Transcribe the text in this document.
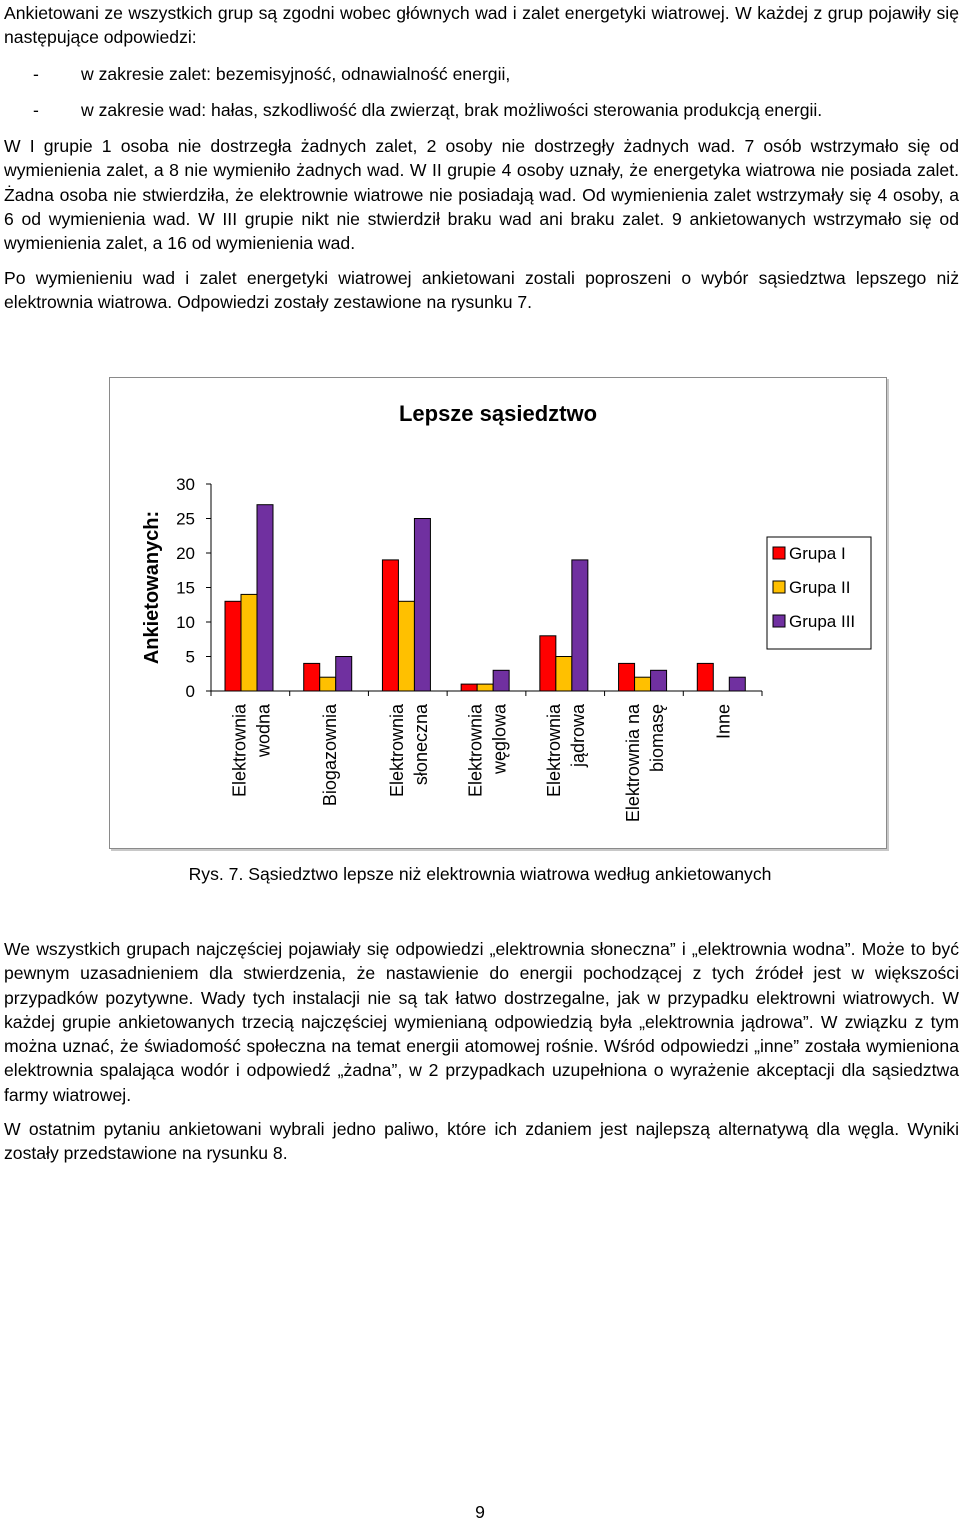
Ankietowani ze wszystkich grup są zgodni wobec głównych wad i zalet energetyki wiatrowej. W każdej z grup pojawiły się następujące odpowiedzi:

- w zakresie zalet: bezemisyjność, odnawialność energii,
- w zakresie wad: hałas, szkodliwość dla zwierząt, brak możliwości sterowania produkcją energii.

W I grupie 1 osoba nie dostrzegła żadnych zalet, 2 osoby nie dostrzegły żadnych wad. 7 osób wstrzymało się od wymienienia zalet, a 8 nie wymieniło żadnych wad. W II grupie 4 osoby uznały, że energetyka wiatrowa nie posiada zalet. Żadna osoba nie stwierdziła, że elektrownie wiatrowe nie posiadają wad. Od wymienienia zalet wstrzymały się 4 osoby, a 6 od wymienienia wad. W III grupie nikt nie stwierdził braku wad ani braku zalet. 9 ankietowanych wstrzymało się od wymienienia zalet, a 16 od wymienienia wad.

Po wymienieniu wad i zalet energetyki wiatrowej ankietowani zostali poproszeni o wybór sąsiedztwa lepszego niż elektrownia wiatrowa. Odpowiedzi zostały zestawione na rysunku 7.

Lepsze sąsiedztwo
Ankietowanych:
0
5
10
15
20
25
30
Elektrownia wodna	Biogazownia	Elektrownia słoneczna Elektrownia węglowa Elektrownia jądrowa Elektrownia na biomasę	Inne
Grupa I
Grupa II
Grupa III
Rys. 7. Sąsiedztwo lepsze niż elektrownia wiatrowa według ankietowanych

We wszystkich grupach najczęściej pojawiały się odpowiedzi „elektrownia słoneczna” i „elektrownia wodna”. Może to być pewnym uzasadnieniem dla stwierdzenia, że nastawienie do energii pochodzącej z tych źródeł jest w większości przypadków pozytywne. Wady tych instalacji nie są tak łatwo dostrzegalne, jak w przypadku elektrowni wiatrowych. W każdej grupie ankietowanych trzecią najczęściej wymienianą odpowiedzią była „elektrownia jądrowa”. W związku z tym można uznać, że świadomość społeczna na temat energii atomowej rośnie. Wśród odpowiedzi „inne” została wymieniona elektrownia spalająca wodór i odpowiedź „żadna”, w 2 przypadkach uzupełniona o wyrażenie akceptacji dla sąsiedztwa farmy wiatrowej.

W ostatnim pytaniu ankietowani wybrali jedno paliwo, które ich zdaniem jest najlepszą alternatywą dla węgla. Wyniki zostały przedstawione na rysunku 8.

9
